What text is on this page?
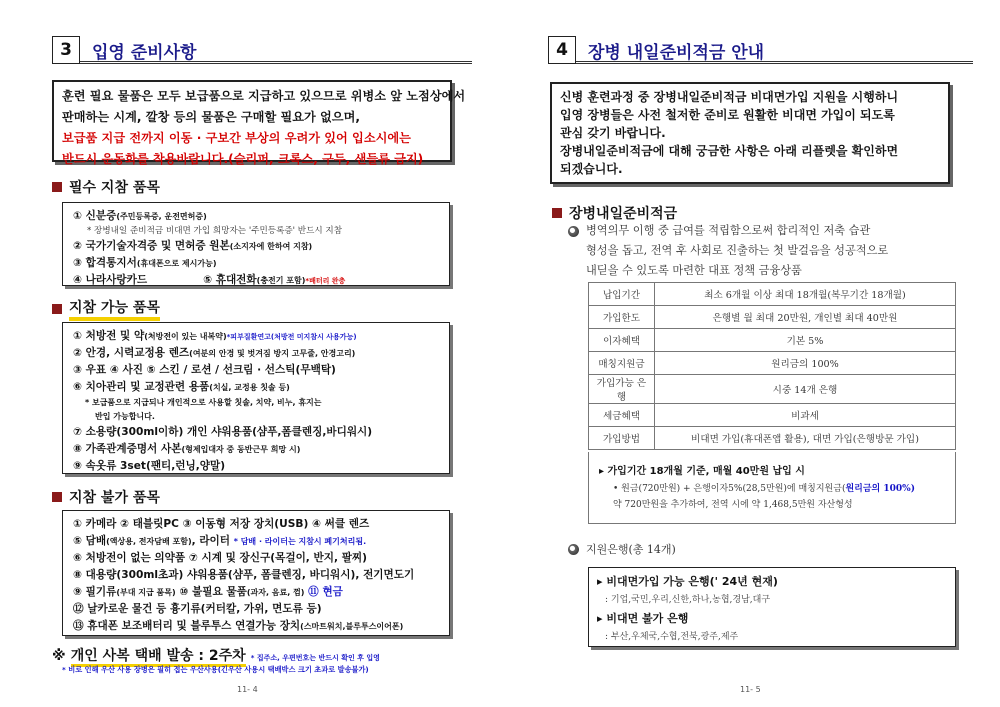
3	입영 준비사항
훈련 필요 물품은 모두 보급품으로 지급하고 있으므로 위병소 앞 노점상에서
판매하는 시계, 깔창 등의 물품은 구매할 필요가 없으며,
보급품 지급 전까지 이동 · 구보간 부상의 우려가 있어 입소시에는
반드시 운동화를 착용바랍니다.(슬리퍼, 크록스, 구두, 샌들류 금지)
필수 지참 품목
① 신분증(주민등록증, 운전면허증)
* 장병내일 준비적금 비대면 가입 희망자는 '주민등록증' 반드시 지참
② 국가기술자격증 및 면허증 원본(소지자에 한하여 지참)
③ 합격통지서(휴대폰으로 제시가능)
④ 나라사랑카드	⑤ 휴대전화(충전기 포함)*배터리 완충
지참 가능 품목
① 처방전 및 약(처방전이 있는 내복약)*피부질환연고(처방전 미지참시 사용가능)
② 안경, 시력교정용 렌즈(여분의 안경 및 벗겨짐 방지 고무줄, 안경고리)
③ 우표 ④ 사진 ⑤ 스킨 / 로션 / 선크림 · 선스틱(무백탁)
⑥ 치아관리 및 교정관련 용품(치실, 교정용 칫솔 등)
* 보급품으로 지급되나 개인적으로 사용할 칫솔, 치약, 비누, 휴지는
반입 가능합니다.
⑦ 소용량(300ml이하) 개인 샤워용품(샴푸,폼클렌징,바디워시)
⑧ 가족관계증명서 사본(형제입대자 중 동반근무 희망 시)
⑨ 속옷류 3set(팬티,런닝,양말)
지참 불가 품목
① 카메라 ② 태블릿PC ③ 이동형 저장 장치(USB) ④ 써클 렌즈
⑤ 담배(액상용, 전자담배 포함), 라이터 * 담배 · 라이터는 지참시 폐기처리됨.
⑥ 처방전이 없는 의약품 ⑦ 시계 및 장신구(목걸이, 반지, 팔찌)
⑧ 대용량(300ml초과) 샤워용품(샴푸, 폼클렌징, 바디워시), 전기면도기
⑨ 필기류(부대 지급 품목) ⑩ 불필요 물품(과자, 음료, 껌) ⑪ 현금
⑫ 날카로운 물건 등 흉기류(커터칼, 가위, 면도류 등)
⑬ 휴대폰 보조배터리 및 블루투스 연결가능 장치(스마트워치,블루투스이어폰)
※ 개인 사복 택배 발송 : 2주차 * 집주소, 우편번호는 반드시 확인 후 입영
* 비로 인해 우산 사용 장병은 필히 접는 우산사용(긴우산 사용시 택배박스 크기 초과로 발송불가)
11- 4
4	장병 내일준비적금 안내
신병 훈련과정 중 장병내일준비적금 비대면가입 지원을 시행하니
입영 장병들은 사전 철저한 준비로 원활한 비대면 가입이 되도록
관심 갖기 바랍니다.
장병내일준비적금에 대해 궁금한 사항은 아래 리플렛을 확인하면
되겠습니다.
장병내일준비적금
병역의무 이행 중 급여를 적립함으로써 합리적인 저축 습관
형성을 돕고, 전역 후 사회로 진출하는 첫 발걸음을 성공적으로
내딛을 수 있도록 마련한 대표 정책 금융상품
납입기간	최소 6개월 이상 최대 18개월(복무기간 18개월)
가입한도	은행별 월 최대 20만원, 개인별 최대 40만원
이자혜택	기본 5%
매칭지원금	원리금의 100%
가입가능 은행	시중 14개 은행
세금혜택	비과세
가입방법	비대면 가입(휴대폰앱 활용), 대면 가입(은행방문 가입)
▸ 가입기간 18개월 기준, 매월 40만원 납입 시
• 원금(720만원) + 은행이자5%(28,5만원)에 매칭지원금(원리금의 100%)
약 720만원을 추가하여, 전역 시에 약 1,468,5만원 자산형성
지원은행(총 14개)
▸ 비대면가입 가능 은행(' 24년 현재)
: 기업,국민,우리,신한,하나,농협,경남,대구
▸ 비대면 불가 은행
: 부산,우체국,수협,전북,광주,제주
11- 5
